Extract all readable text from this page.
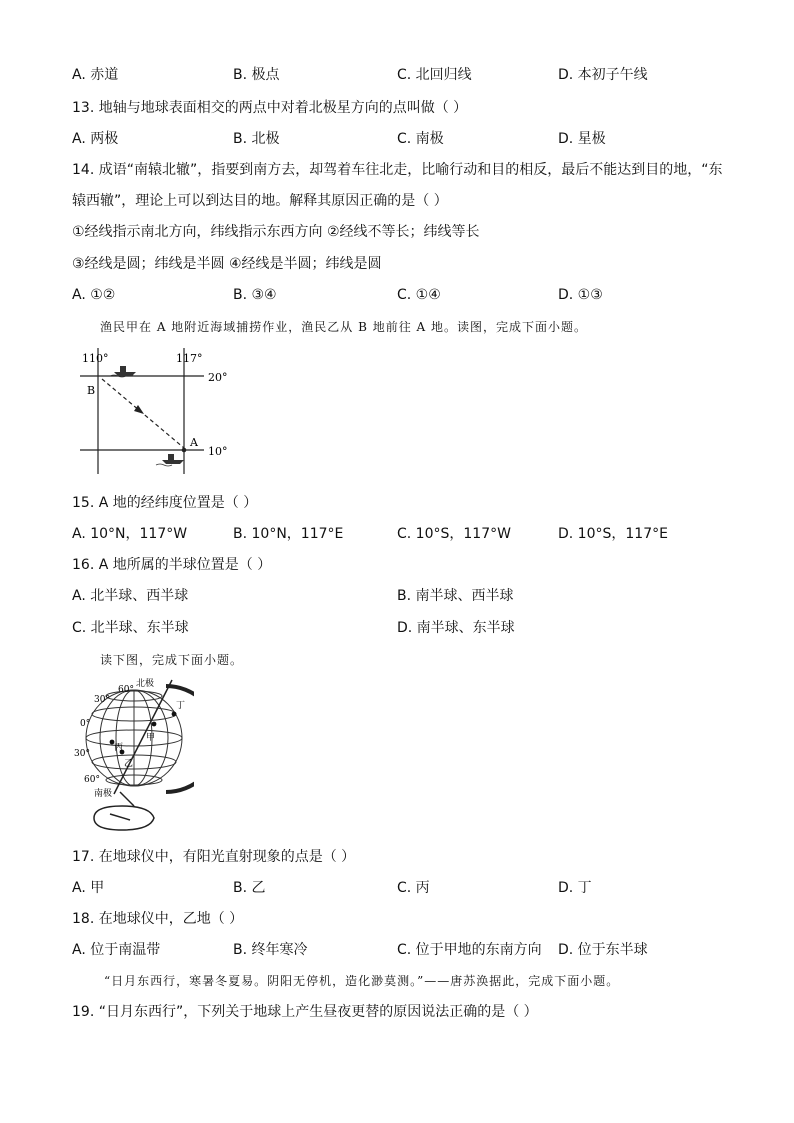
A. 赤道	B. 极点	C. 北回归线	D. 本初子午线
13. 地轴与地球表面相交的两点中对着北极星方向的点叫做（ ）
A. 两极	B. 北极	C. 南极	D. 星极
14. 成语“南辕北辙”，指要到南方去，却驾着车往北走，比喻行动和目的相反，最后不能达到目的地，“东
辕西辙”，理论上可以到达目的地。解释其原因正确的是（ ）
①经线指示南北方向，纬线指示东西方向 ②经线不等长；纬线等长
③经线是圆；纬线是半圆 ④经线是半圆；纬线是圆
A. ①②	B. ③④	C. ①④	D. ①③
渔民甲在 A 地附近海域捕捞作业，渔民乙从 B 地前往 A 地。读图，完成下面小题。
110°	117°
20°
10°
B
A
15. A 地的经纬度位置是（ ）
A. 10°N，117°W	B. 10°N，117°E	C. 10°S，117°W	D. 10°S，117°E
16. A 地所属的半球位置是（ ）
A. 北半球、西半球	B. 南半球、西半球
C. 北半球、东半球	D. 南半球、东半球
读下图，完成下面小题。
北极
30°
60°
0°
30°
60°
南极
甲
乙
丙
丁
17. 在地球仪中，有阳光直射现象的点是（ ）
A. 甲	B. 乙	C. 丙	D. 丁
18. 在地球仪中，乙地（ ）
A. 位于南温带	B. 终年寒冷	C. 位于甲地的东南方向 D. 位于东半球
“日月东西行，寒暑冬夏易。阴阳无停机，造化渺莫测。”——唐苏涣据此，完成下面小题。
19. “日月东西行”，下列关于地球上产生昼夜更替的原因说法正确的是（ ）
